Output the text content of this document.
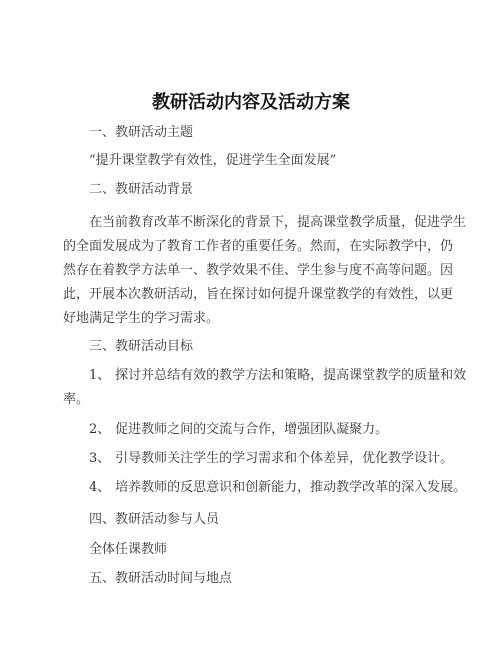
教研活动内容及活动方案
一、教研活动主题
“提升课堂教学有效性，促进学生全面发展”
二、教研活动背景
在当前教育改革不断深化的背景下，提高课堂教学质量，促进学生
的全面发展成为了教育工作者的重要任务。然而，在实际教学中，仍
然存在着教学方法单一、教学效果不佳、学生参与度不高等问题。因
此，开展本次教研活动，旨在探讨如何提升课堂教学的有效性，以更
好地满足学生的学习需求。
三、教研活动目标
1、 探讨并总结有效的教学方法和策略，提高课堂教学的质量和效
率。
2、 促进教师之间的交流与合作，增强团队凝聚力。
3、 引导教师关注学生的学习需求和个体差异，优化教学设计。
4、 培养教师的反思意识和创新能力，推动教学改革的深入发展。
四、教研活动参与人员
全体任课教师
五、教研活动时间与地点
